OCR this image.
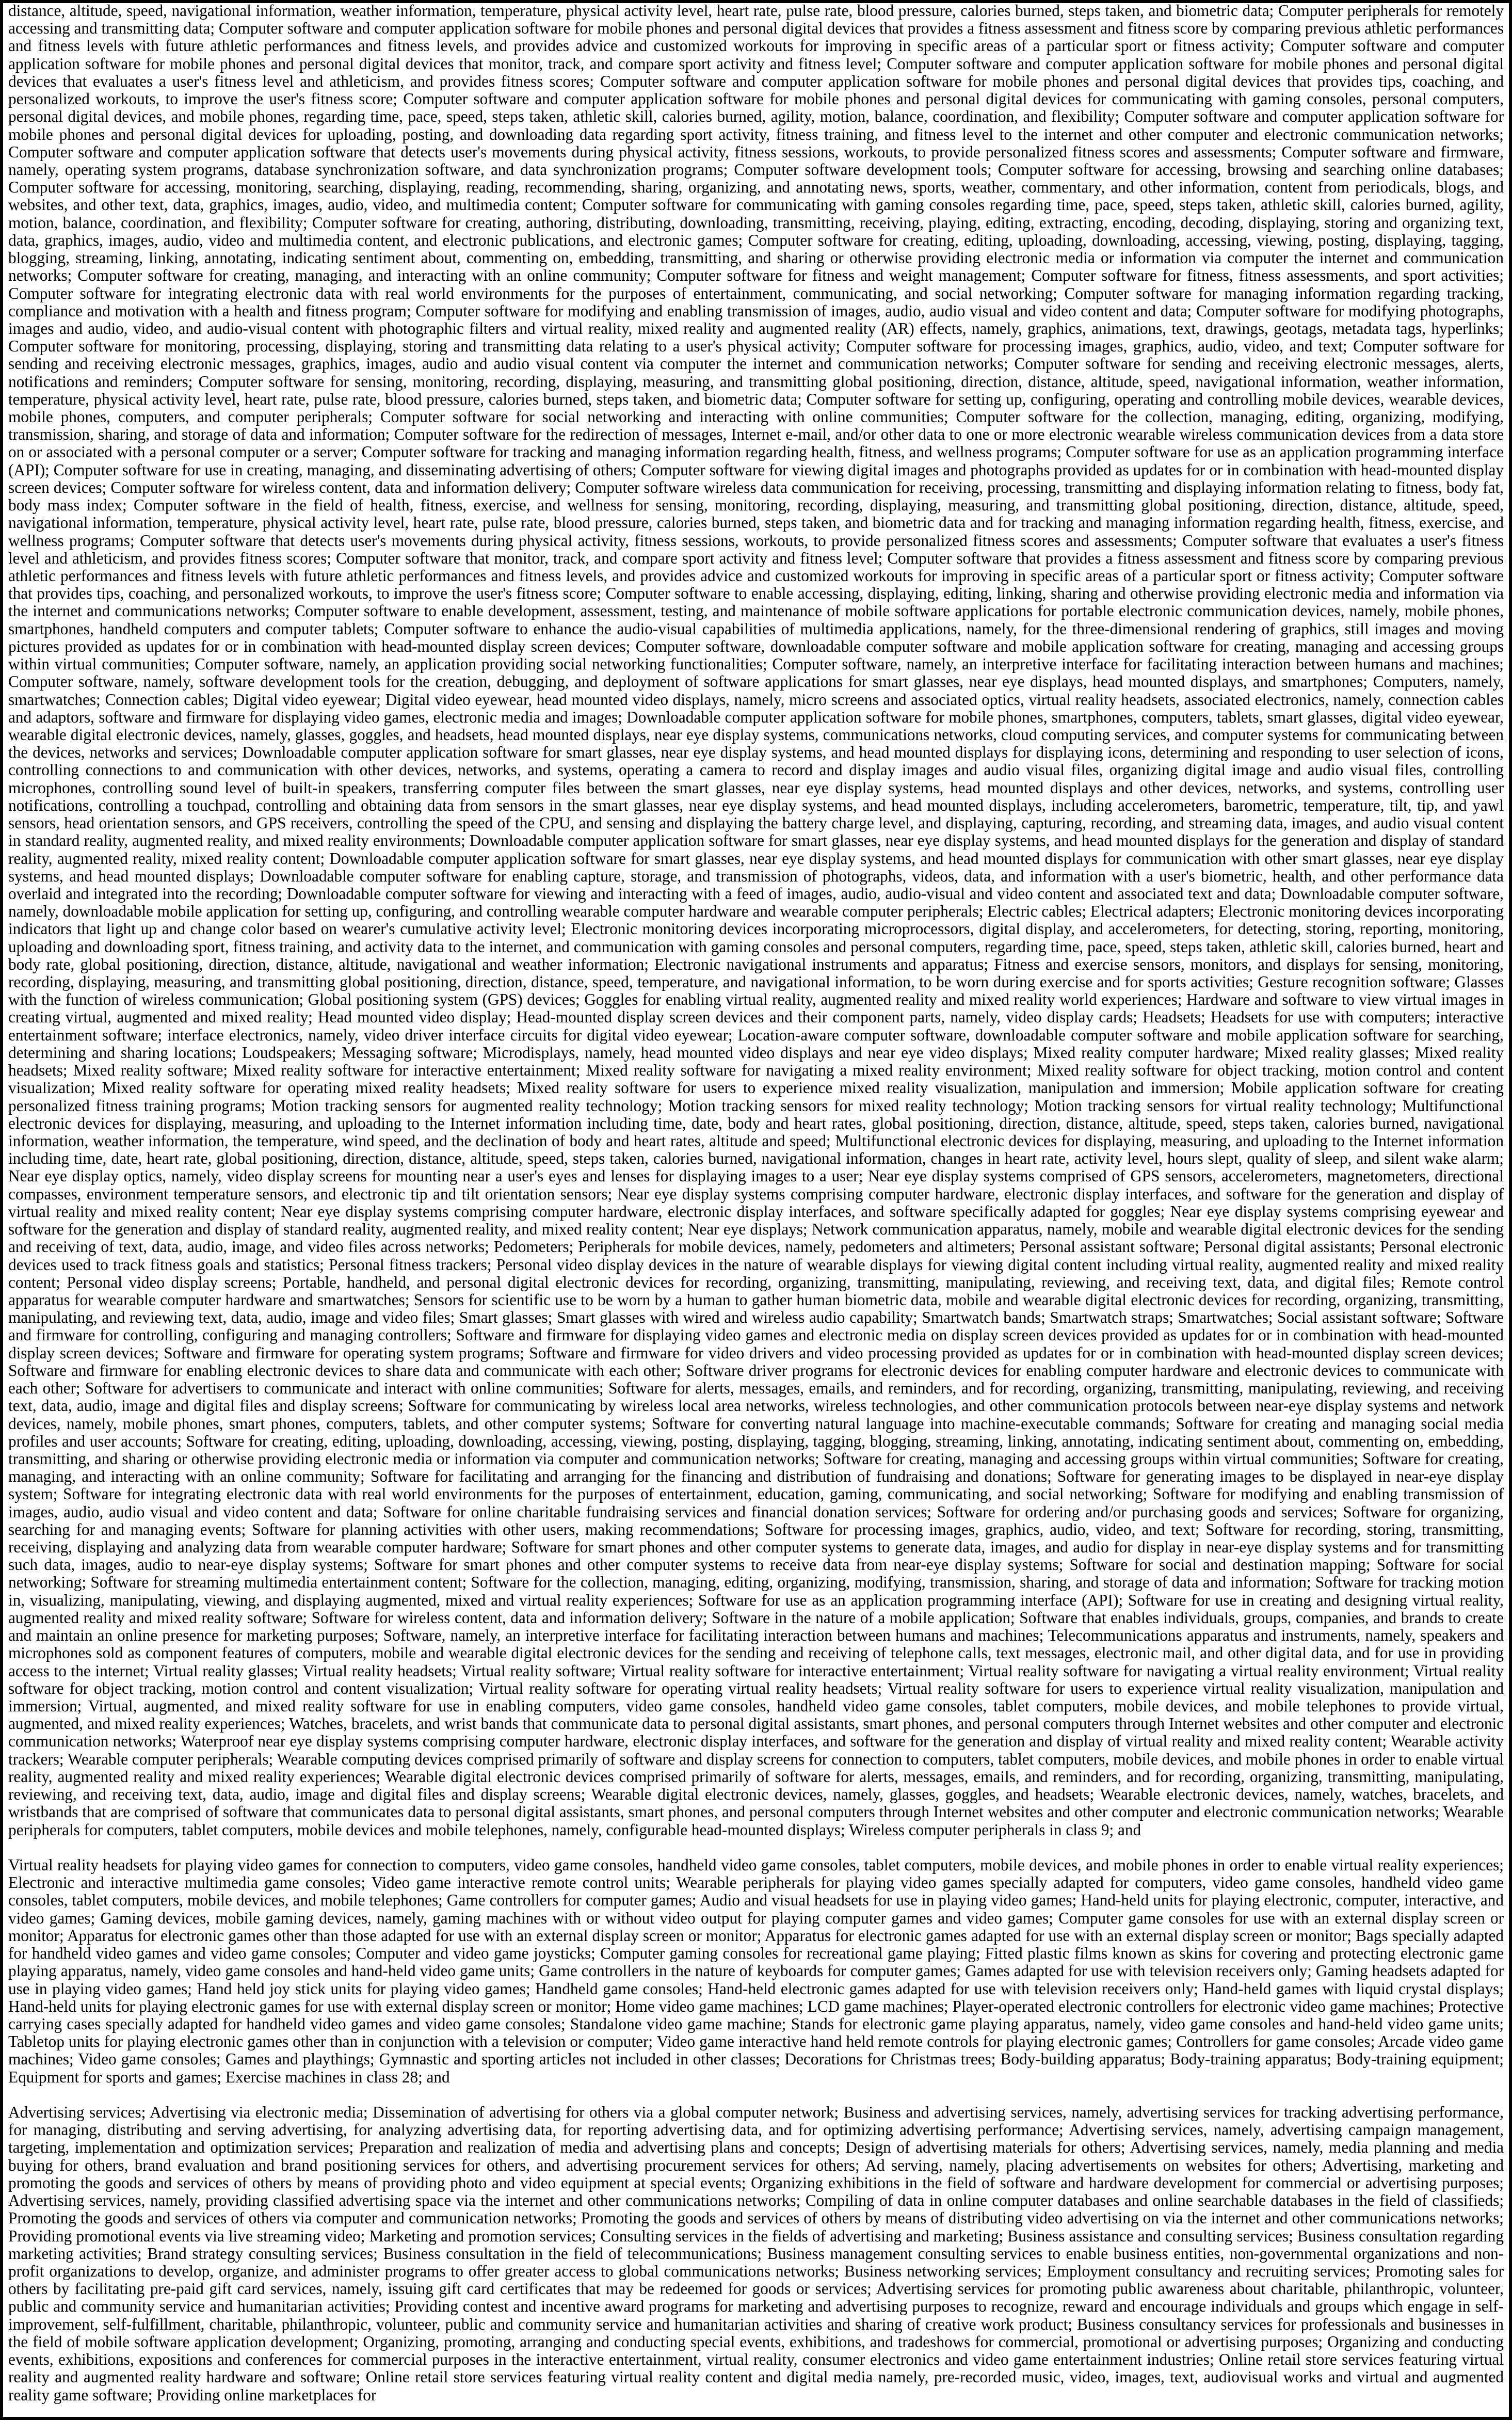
distance, altitude, speed, navigational information, weather information, temperature, physical activity level, heart rate, pulse rate, blood pressure, calories burned, steps taken, and biometric data; Computer peripherals for remotely accessing and transmitting data; Computer software and computer application software for mobile phones and personal digital devices that provides a fitness assessment and fitness score by comparing previous athletic performances and fitness levels with future athletic performances and fitness levels, and provides advice and customized workouts for improving in specific areas of a particular sport or fitness activity; Computer software and computer application software for mobile phones and personal digital devices that monitor, track, and compare sport activity and fitness level; Computer software and computer application software for mobile phones and personal digital devices that evaluates a user's fitness level and athleticism, and provides fitness scores; Computer software and computer application software for mobile phones and personal digital devices that provides tips, coaching, and personalized workouts, to improve the user's fitness score; Computer software and computer application software for mobile phones and personal digital devices for communicating with gaming consoles, personal computers, personal digital devices, and mobile phones, regarding time, pace, speed, steps taken, athletic skill, calories burned, agility, motion, balance, coordination, and flexibility; Computer software and computer application software for mobile phones and personal digital devices for uploading, posting, and downloading data regarding sport activity, fitness training, and fitness level to the internet and other computer and electronic communication networks; Computer software and computer application software that detects user's movements during physical activity, fitness sessions, workouts, to provide personalized fitness scores and assessments; Computer software and firmware, namely, operating system programs, database synchronization software, and data synchronization programs; Computer software development tools; Computer software for accessing, browsing and searching online databases; Computer software for accessing, monitoring, searching, displaying, reading, recommending, sharing, organizing, and annotating news, sports, weather, commentary, and other information, content from periodicals, blogs, and websites, and other text, data, graphics, images, audio, video, and multimedia content; Computer software for communicating with gaming consoles regarding time, pace, speed, steps taken, athletic skill, calories burned, agility, motion, balance, coordination, and flexibility; Computer software for creating, authoring, distributing, downloading, transmitting, receiving, playing, editing, extracting, encoding, decoding, displaying, storing and organizing text, data, graphics, images, audio, video and multimedia content, and electronic publications, and electronic games; Computer software for creating, editing, uploading, downloading, accessing, viewing, posting, displaying, tagging, blogging, streaming, linking, annotating, indicating sentiment about, commenting on, embedding, transmitting, and sharing or otherwise providing electronic media or information via computer the internet and communication networks; Computer software for creating, managing, and interacting with an online community; Computer software for fitness and weight management; Computer software for fitness, fitness assessments, and sport activities; Computer software for integrating electronic data with real world environments for the purposes of entertainment, communicating, and social networking; Computer software for managing information regarding tracking, compliance and motivation with a health and fitness program; Computer software for modifying and enabling transmission of images, audio, audio visual and video content and data; Computer software for modifying photographs, images and audio, video, and audio-visual content with photographic filters and virtual reality, mixed reality and augmented reality (AR) effects, namely, graphics, animations, text, drawings, geotags, metadata tags, hyperlinks; Computer software for monitoring, processing, displaying, storing and transmitting data relating to a user's physical activity; Computer software for processing images, graphics, audio, video, and text; Computer software for sending and receiving electronic messages, graphics, images, audio and audio visual content via computer the internet and communication networks; Computer software for sending and receiving electronic messages, alerts, notifications and reminders; Computer software for sensing, monitoring, recording, displaying, measuring, and transmitting global positioning, direction, distance, altitude, speed, navigational information, weather information, temperature, physical activity level, heart rate, pulse rate, blood pressure, calories burned, steps taken, and biometric data; Computer software for setting up, configuring, operating and controlling mobile devices, wearable devices, mobile phones, computers, and computer peripherals; Computer software for social networking and interacting with online communities; Computer software for the collection, managing, editing, organizing, modifying, transmission, sharing, and storage of data and information; Computer software for the redirection of messages, Internet e-mail, and/or other data to one or more electronic wearable wireless communication devices from a data store on or associated with a personal computer or a server; Computer software for tracking and managing information regarding health, fitness, and wellness programs; Computer software for use as an application programming interface (API); Computer software for use in creating, managing, and disseminating advertising of others; Computer software for viewing digital images and photographs provided as updates for or in combination with head-mounted display screen devices; Computer software for wireless content, data and information delivery; Computer software wireless data communication for receiving, processing, transmitting and displaying information relating to fitness, body fat, body mass index; Computer software in the field of health, fitness, exercise, and wellness for sensing, monitoring, recording, displaying, measuring, and transmitting global positioning, direction, distance, altitude, speed, navigational information, temperature, physical activity level, heart rate, pulse rate, blood pressure, calories burned, steps taken, and biometric data and for tracking and managing information regarding health, fitness, exercise, and wellness programs; Computer software that detects user's movements during physical activity, fitness sessions, workouts, to provide personalized fitness scores and assessments; Computer software that evaluates a user's fitness level and athleticism, and provides fitness scores; Computer software that monitor, track, and compare sport activity and fitness level; Computer software that provides a fitness assessment and fitness score by comparing previous athletic performances and fitness levels with future athletic performances and fitness levels, and provides advice and customized workouts for improving in specific areas of a particular sport or fitness activity; Computer software that provides tips, coaching, and personalized workouts, to improve the user's fitness score; Computer software to enable accessing, displaying, editing, linking, sharing and otherwise providing electronic media and information via the internet and communications networks; Computer software to enable development, assessment, testing, and maintenance of mobile software applications for portable electronic communication devices, namely, mobile phones, smartphones, handheld computers and computer tablets; Computer software to enhance the audio-visual capabilities of multimedia applications, namely, for the three-dimensional rendering of graphics, still images and moving pictures provided as updates for or in combination with head-mounted display screen devices; Computer software, downloadable computer software and mobile application software for creating, managing and accessing groups within virtual communities; Computer software, namely, an application providing social networking functionalities; Computer software, namely, an interpretive interface for facilitating interaction between humans and machines; Computer software, namely, software development tools for the creation, debugging, and deployment of software applications for smart glasses, near eye displays, head mounted displays, and smartphones; Computers, namely, smartwatches; Connection cables; Digital video eyewear; Digital video eyewear, head mounted video displays, namely, micro screens and associated optics, virtual reality headsets, associated electronics, namely, connection cables and adaptors, software and firmware for displaying video games, electronic media and images; Downloadable computer application software for mobile phones, smartphones, computers, tablets, smart glasses, digital video eyewear, wearable digital electronic devices, namely, glasses, goggles, and headsets, head mounted displays, near eye display systems, communications networks, cloud computing services, and computer systems for communicating between the devices, networks and services; Downloadable computer application software for smart glasses, near eye display systems, and head mounted displays for displaying icons, determining and responding to user selection of icons, controlling connections to and communication with other devices, networks, and systems, operating a camera to record and display images and audio visual files, organizing digital image and audio visual files, controlling microphones, controlling sound level of built-in speakers, transferring computer files between the smart glasses, near eye display systems, head mounted displays and other devices, networks, and systems, controlling user notifications, controlling a touchpad, controlling and obtaining data from sensors in the smart glasses, near eye display systems, and head mounted displays, including accelerometers, barometric, temperature, tilt, tip, and yawl sensors, head orientation sensors, and GPS receivers, controlling the speed of the CPU, and sensing and displaying the battery charge level, and displaying, capturing, recording, and streaming data, images, and audio visual content in standard reality, augmented reality, and mixed reality environments; Downloadable computer application software for smart glasses, near eye display systems, and head mounted displays for the generation and display of standard reality, augmented reality, mixed reality content; Downloadable computer application software for smart glasses, near eye display systems, and head mounted displays for communication with other smart glasses, near eye display systems, and head mounted displays; Downloadable computer software for enabling capture, storage, and transmission of photographs, videos, data, and information with a user's biometric, health, and other performance data overlaid and integrated into the recording; Downloadable computer software for viewing and interacting with a feed of images, audio, audio-visual and video content and associated text and data; Downloadable computer software, namely, downloadable mobile application for setting up, configuring, and controlling wearable computer hardware and wearable computer peripherals; Electric cables; Electrical adapters; Electronic monitoring devices incorporating indicators that light up and change color based on wearer's cumulative activity level; Electronic monitoring devices incorporating microprocessors, digital display, and accelerometers, for detecting, storing, reporting, monitoring, uploading and downloading sport, fitness training, and activity data to the internet, and communication with gaming consoles and personal computers, regarding time, pace, speed, steps taken, athletic skill, calories burned, heart and body rate, global positioning, direction, distance, altitude, navigational and weather information; Electronic navigational instruments and apparatus; Fitness and exercise sensors, monitors, and displays for sensing, monitoring, recording, displaying, measuring, and transmitting global positioning, direction, distance, speed, temperature, and navigational information, to be worn during exercise and for sports activities; Gesture recognition software; Glasses with the function of wireless communication; Global positioning system (GPS) devices; Goggles for enabling virtual reality, augmented reality and mixed reality world experiences; Hardware and software to view virtual images in creating virtual, augmented and mixed reality; Head mounted video display; Head-mounted display screen devices and their component parts, namely, video display cards; Headsets; Headsets for use with computers; interactive entertainment software; interface electronics, namely, video driver interface circuits for digital video eyewear; Location-aware computer software, downloadable computer software and mobile application software for searching, determining and sharing locations; Loudspeakers; Messaging software; Microdisplays, namely, head mounted video displays and near eye video displays; Mixed reality computer hardware; Mixed reality glasses; Mixed reality headsets; Mixed reality software; Mixed reality software for interactive entertainment; Mixed reality software for navigating a mixed reality environment; Mixed reality software for object tracking, motion control and content visualization; Mixed reality software for operating mixed reality headsets; Mixed reality software for users to experience mixed reality visualization, manipulation and immersion; Mobile application software for creating personalized fitness training programs; Motion tracking sensors for augmented reality technology; Motion tracking sensors for mixed reality technology; Motion tracking sensors for virtual reality technology; Multifunctional electronic devices for displaying, measuring, and uploading to the Internet information including time, date, body and heart rates, global positioning, direction, distance, altitude, speed, steps taken, calories burned, navigational information, weather information, the temperature, wind speed, and the declination of body and heart rates, altitude and speed; Multifunctional electronic devices for displaying, measuring, and uploading to the Internet information including time, date, heart rate, global positioning, direction, distance, altitude, speed, steps taken, calories burned, navigational information, changes in heart rate, activity level, hours slept, quality of sleep, and silent wake alarm; Near eye display optics, namely, video display screens for mounting near a user's eyes and lenses for displaying images to a user; Near eye display systems comprised of GPS sensors, accelerometers, magnetometers, directional compasses, environment temperature sensors, and electronic tip and tilt orientation sensors; Near eye display systems comprising computer hardware, electronic display interfaces, and software for the generation and display of virtual reality and mixed reality content; Near eye display systems comprising computer hardware, electronic display interfaces, and software specifically adapted for goggles; Near eye display systems comprising eyewear and software for the generation and display of standard reality, augmented reality, and mixed reality content; Near eye displays; Network communication apparatus, namely, mobile and wearable digital electronic devices for the sending and receiving of text, data, audio, image, and video files across networks; Pedometers; Peripherals for mobile devices, namely, pedometers and altimeters; Personal assistant software; Personal digital assistants; Personal electronic devices used to track fitness goals and statistics; Personal fitness trackers; Personal video display devices in the nature of wearable displays for viewing digital content including virtual reality, augmented reality and mixed reality content; Personal video display screens; Portable, handheld, and personal digital electronic devices for recording, organizing, transmitting, manipulating, reviewing, and receiving text, data, and digital files; Remote control apparatus for wearable computer hardware and smartwatches; Sensors for scientific use to be worn by a human to gather human biometric data, mobile and wearable digital electronic devices for recording, organizing, transmitting, manipulating, and reviewing text, data, audio, image and video files; Smart glasses; Smart glasses with wired and wireless audio capability; Smartwatch bands; Smartwatch straps; Smartwatches; Social assistant software; Software and firmware for controlling, configuring and managing controllers; Software and firmware for displaying video games and electronic media on display screen devices provided as updates for or in combination with head-mounted display screen devices; Software and firmware for operating system programs; Software and firmware for video drivers and video processing provided as updates for or in combination with head-mounted display screen devices; Software and firmware for enabling electronic devices to share data and communicate with each other; Software driver programs for electronic devices for enabling computer hardware and electronic devices to communicate with each other; Software for advertisers to communicate and interact with online communities; Software for alerts, messages, emails, and reminders, and for recording, organizing, transmitting, manipulating, reviewing, and receiving text, data, audio, image and digital files and display screens; Software for communicating by wireless local area networks, wireless technologies, and other communication protocols between near-eye display systems and network devices, namely, mobile phones, smart phones, computers, tablets, and other computer systems; Software for converting natural language into machine-executable commands; Software for creating and managing social media profiles and user accounts; Software for creating, editing, uploading, downloading, accessing, viewing, posting, displaying, tagging, blogging, streaming, linking, annotating, indicating sentiment about, commenting on, embedding, transmitting, and sharing or otherwise providing electronic media or information via computer and communication networks; Software for creating, managing and accessing groups within virtual communities; Software for creating, managing, and interacting with an online community; Software for facilitating and arranging for the financing and distribution of fundraising and donations; Software for generating images to be displayed in near-eye display system; Software for integrating electronic data with real world environments for the purposes of entertainment, education, gaming, communicating, and social networking; Software for modifying and enabling transmission of images, audio, audio visual and video content and data; Software for online charitable fundraising services and financial donation services; Software for ordering and/or purchasing goods and services; Software for organizing, searching for and managing events; Software for planning activities with other users, making recommendations; Software for processing images, graphics, audio, video, and text; Software for recording, storing, transmitting, receiving, displaying and analyzing data from wearable computer hardware; Software for smart phones and other computer systems to generate data, images, and audio for display in near-eye display systems and for transmitting such data, images, audio to near-eye display systems; Software for smart phones and other computer systems to receive data from near-eye display systems; Software for social and destination mapping; Software for social networking; Software for streaming multimedia entertainment content; Software for the collection, managing, editing, organizing, modifying, transmission, sharing, and storage of data and information; Software for tracking motion in, visualizing, manipulating, viewing, and displaying augmented, mixed and virtual reality experiences; Software for use as an application programming interface (API); Software for use in creating and designing virtual reality, augmented reality and mixed reality software; Software for wireless content, data and information delivery; Software in the nature of a mobile application; Software that enables individuals, groups, companies, and brands to create and maintain an online presence for marketing purposes; Software, namely, an interpretive interface for facilitating interaction between humans and machines; Telecommunications apparatus and instruments, namely, speakers and microphones sold as component features of computers, mobile and wearable digital electronic devices for the sending and receiving of telephone calls, text messages, electronic mail, and other digital data, and for use in providing access to the internet; Virtual reality glasses; Virtual reality headsets; Virtual reality software; Virtual reality software for interactive entertainment; Virtual reality software for navigating a virtual reality environment; Virtual reality software for object tracking, motion control and content visualization; Virtual reality software for operating virtual reality headsets; Virtual reality software for users to experience virtual reality visualization, manipulation and immersion; Virtual, augmented, and mixed reality software for use in enabling computers, video game consoles, handheld video game consoles, tablet computers, mobile devices, and mobile telephones to provide virtual, augmented, and mixed reality experiences; Watches, bracelets, and wrist bands that communicate data to personal digital assistants, smart phones, and personal computers through Internet websites and other computer and electronic communication networks; Waterproof near eye display systems comprising computer hardware, electronic display interfaces, and software for the generation and display of virtual reality and mixed reality content; Wearable activity trackers; Wearable computer peripherals; Wearable computing devices comprised primarily of software and display screens for connection to computers, tablet computers, mobile devices, and mobile phones in order to enable virtual reality, augmented reality and mixed reality experiences; Wearable digital electronic devices comprised primarily of software for alerts, messages, emails, and reminders, and for recording, organizing, transmitting, manipulating, reviewing, and receiving text, data, audio, image and digital files and display screens; Wearable digital electronic devices, namely, glasses, goggles, and headsets; Wearable electronic devices, namely, watches, bracelets, and wristbands that are comprised of software that communicates data to personal digital assistants, smart phones, and personal computers through Internet websites and other computer and electronic communication networks; Wearable peripherals for computers, tablet computers, mobile devices and mobile telephones, namely, configurable head-mounted displays; Wireless computer peripherals in class 9; and

Virtual reality headsets for playing video games for connection to computers, video game consoles, handheld video game consoles, tablet computers, mobile devices, and mobile phones in order to enable virtual reality experiences; Electronic and interactive multimedia game consoles; Video game interactive remote control units; Wearable peripherals for playing video games specially adapted for computers, video game consoles, handheld video game consoles, tablet computers, mobile devices, and mobile telephones; Game controllers for computer games; Audio and visual headsets for use in playing video games; Hand-held units for playing electronic, computer, interactive, and video games; Gaming devices, mobile gaming devices, namely, gaming machines with or without video output for playing computer games and video games; Computer game consoles for use with an external display screen or monitor; Apparatus for electronic games other than those adapted for use with an external display screen or monitor; Apparatus for electronic games adapted for use with an external display screen or monitor; Bags specially adapted for handheld video games and video game consoles; Computer and video game joysticks; Computer gaming consoles for recreational game playing; Fitted plastic films known as skins for covering and protecting electronic game playing apparatus, namely, video game consoles and hand-held video game units; Game controllers in the nature of keyboards for computer games; Games adapted for use with television receivers only; Gaming headsets adapted for use in playing video games; Hand held joy stick units for playing video games; Handheld game consoles; Hand-held electronic games adapted for use with television receivers only; Hand-held games with liquid crystal displays; Hand-held units for playing electronic games for use with external display screen or monitor; Home video game machines; LCD game machines; Player-operated electronic controllers for electronic video game machines; Protective carrying cases specially adapted for handheld video games and video game consoles; Standalone video game machine; Stands for electronic game playing apparatus, namely, video game consoles and hand-held video game units; Tabletop units for playing electronic games other than in conjunction with a television or computer; Video game interactive hand held remote controls for playing electronic games; Controllers for game consoles; Arcade video game machines; Video game consoles; Games and playthings; Gymnastic and sporting articles not included in other classes; Decorations for Christmas trees; Body-building apparatus; Body-training apparatus; Body-training equipment; Equipment for sports and games; Exercise machines in class 28; and

Advertising services; Advertising via electronic media; Dissemination of advertising for others via a global computer network; Business and advertising services, namely, advertising services for tracking advertising performance, for managing, distributing and serving advertising, for analyzing advertising data, for reporting advertising data, and for optimizing advertising performance; Advertising services, namely, advertising campaign management, targeting, implementation and optimization services; Preparation and realization of media and advertising plans and concepts; Design of advertising materials for others; Advertising services, namely, media planning and media buying for others, brand evaluation and brand positioning services for others, and advertising procurement services for others; Ad serving, namely, placing advertisements on websites for others; Advertising, marketing and promoting the goods and services of others by means of providing photo and video equipment at special events; Organizing exhibitions in the field of software and hardware development for commercial or advertising purposes; Advertising services, namely, providing classified advertising space via the internet and other communications networks; Compiling of data in online computer databases and online searchable databases in the field of classifieds; Promoting the goods and services of others via computer and communication networks; Promoting the goods and services of others by means of distributing video advertising on via the internet and other communications networks; Providing promotional events via live streaming video; Marketing and promotion services; Consulting services in the fields of advertising and marketing; Business assistance and consulting services; Business consultation regarding marketing activities; Brand strategy consulting services; Business consultation in the field of telecommunications; Business management consulting services to enable business entities, non-governmental organizations and non-profit organizations to develop, organize, and administer programs to offer greater access to global communications networks; Business networking services; Employment consultancy and recruiting services; Promoting sales for others by facilitating pre-paid gift card services, namely, issuing gift card certificates that may be redeemed for goods or services; Advertising services for promoting public awareness about charitable, philanthropic, volunteer, public and community service and humanitarian activities; Providing contest and incentive award programs for marketing and advertising purposes to recognize, reward and encourage individuals and groups which engage in self-improvement, self-fulfillment, charitable, philanthropic, volunteer, public and community service and humanitarian activities and sharing of creative work product; Business consultancy services for professionals and businesses in the field of mobile software application development; Organizing, promoting, arranging and conducting special events, exhibitions, and tradeshows for commercial, promotional or advertising purposes; Organizing and conducting events, exhibitions, expositions and conferences for commercial purposes in the interactive entertainment, virtual reality, consumer electronics and video game entertainment industries; Online retail store services featuring virtual reality and augmented reality hardware and software; Online retail store services featuring virtual reality content and digital media namely, pre-recorded music, video, images, text, audiovisual works and virtual and augmented reality game software; Providing online marketplaces for
